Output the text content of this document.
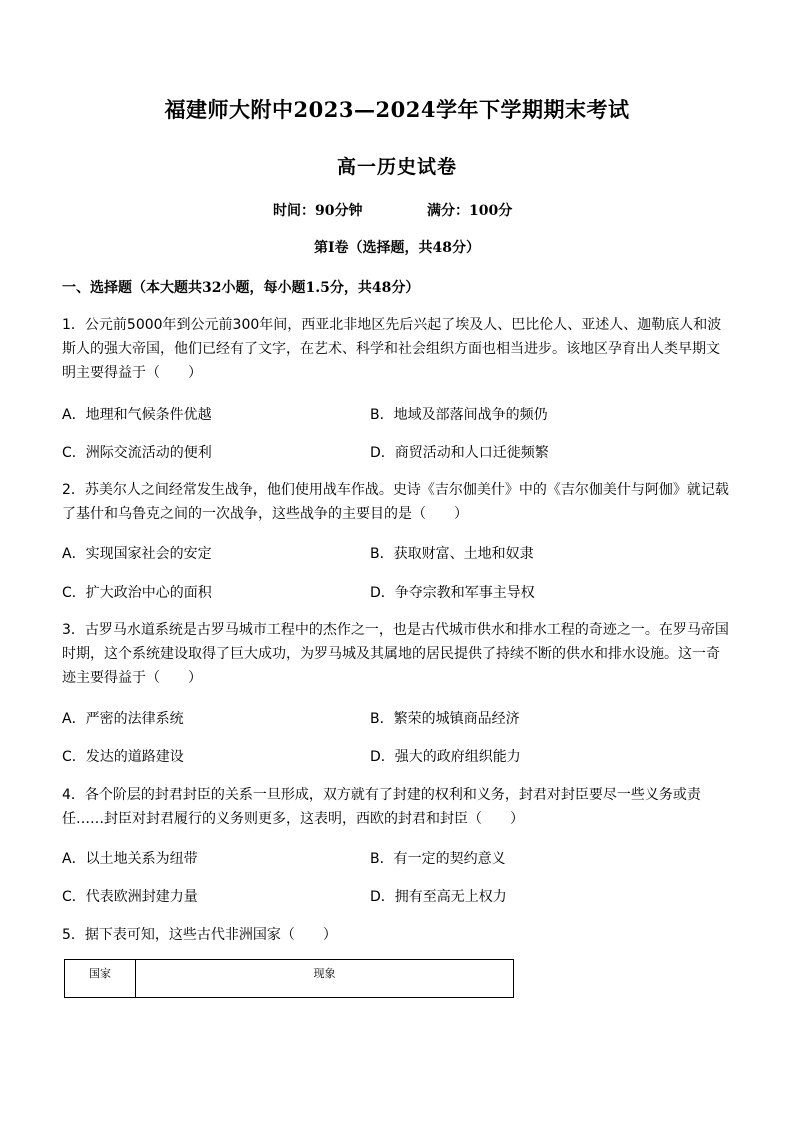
福建师大附中2023—2024学年下学期期末考试
高一历史试卷
时间：90分钟	满分：100分
第Ⅰ卷（选择题，共48分）
一、选择题（本大题共32小题，每小题1.5分，共48分）
1．公元前5000年到公元前300年间，西亚北非地区先后兴起了埃及人、巴比伦人、亚述人、迦勒底人和波
斯人的强大帝国，他们已经有了文字，在艺术、科学和社会组织方面也相当进步。该地区孕育出人类早期文
明主要得益于（　　）
A．地理和气候条件优越	B．地域及部落间战争的频仍
C．洲际交流活动的便利	D．商贸活动和人口迁徙频繁
2．苏美尔人之间经常发生战争，他们使用战车作战。史诗《吉尔伽美什》中的《吉尔伽美什与阿伽》就记载
了基什和乌鲁克之间的一次战争，这些战争的主要目的是（　　）
A．实现国家社会的安定	B．获取财富、土地和奴隶
C．扩大政治中心的面积	D．争夺宗教和军事主导权
3．古罗马水道系统是古罗马城市工程中的杰作之一，也是古代城市供水和排水工程的奇迹之一。在罗马帝国
时期，这个系统建设取得了巨大成功，为罗马城及其属地的居民提供了持续不断的供水和排水设施。这一奇
迹主要得益于（　　）
A．严密的法律系统	B．繁荣的城镇商品经济
C．发达的道路建设	D．强大的政府组织能力
4．各个阶层的封君封臣的关系一旦形成，双方就有了封建的权利和义务，封君对封臣要尽一些义务或责
任……封臣对封君履行的义务则更多，这表明，西欧的封君和封臣（　　）
A．以土地关系为纽带	B．有一定的契约意义
C．代表欧洲封建力量	D．拥有至高无上权力
5．据下表可知，这些古代非洲国家（　　）
国家	现象
